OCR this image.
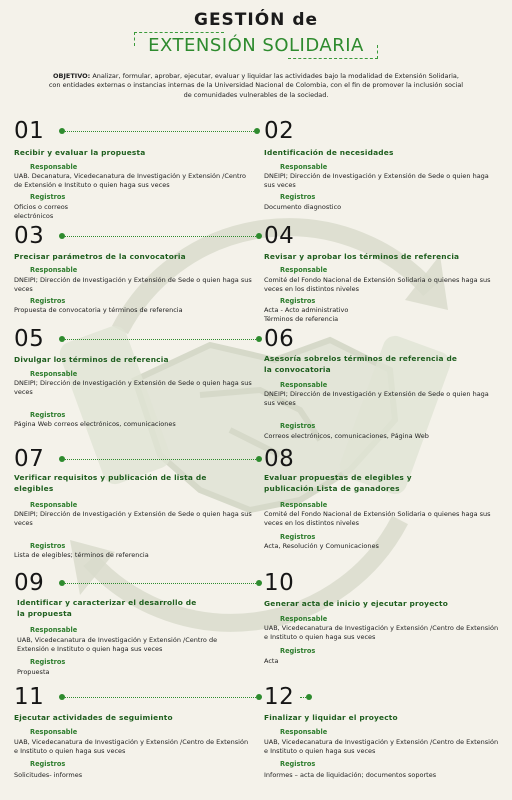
GESTIÓN de
EXTENSIÓN SOLIDARIA
OBJETIVO: Analizar, formular, aprobar, ejecutar, evaluar y liquidar las actividades bajo la modalidad de Extensión Solidaria, con entidades externas o instancias internas de la Universidad Nacional de Colombia, con el fin de promover la inclusión social de comunidades vulnerables de la sociedad.
01
Recibir y evaluar la propuesta
Responsable
UAB. Decanatura, Vicedecanatura de Investigación y Extensión /Centro de Extensión e Instituto o quien haga sus veces
Registros
Oficios o correos electrónicos
02
Identificación de necesidades
Responsable
DNEIPI; Dirección de Investigación y Extensión de Sede o quien haga sus veces
Registros
Documento diagnostico
03
Precisar parámetros de la convocatoria
Responsable
DNEIPI; Dirección de Investigación y Extensión de Sede o quien haga sus veces
Registros
Propuesta de convocatoria y términos de referencia
04
Revisar y aprobar los términos de referencia
Responsable
Comité del Fondo Nacional de Extensión Solidaria o quienes haga sus veces en los distintos niveles
Registros
Acta - Acto administrativo Términos de referencia
05
Divulgar los términos de referencia
Responsable
DNEIPI; Dirección de Investigación y Extensión de Sede o quien haga sus veces
Registros
Página Web correos electrónicos, comunicaciones
06
Asesoría sobrelos términos de referencia de la convocatoria
Responsable
DNEIPI; Dirección de Investigación y Extensión de Sede o quien haga sus veces
Registros
Correos electrónicos, comunicaciones, Página Web
07
Verificar requisitos y publicación de lista de elegibles
Responsable
DNEIPI; Dirección de Investigación y Extensión de Sede o quien haga sus veces
Registros
Lista de elegibles; términos de referencia
08
Evaluar propuestas de elegibles y publicación Lista de ganadores
Responsable
Comité del Fondo Nacional de Extensión Solidaria o quienes haga sus veces en los distintos niveles
Registros
Acta, Resolución y Comunicaciones
09
Identificar y caracterizar el desarrollo de la propuesta
Responsable
UAB, Vicedecanatura de Investigación y Extensión /Centro de Extensión e Instituto o quien haga sus veces
Registros
Propuesta
10
Generar acta de inicio y ejecutar proyecto
Responsable
UAB, Vicedecanatura de Investigación y Extensión /Centro de Extensión e Instituto o quien haga sus veces
Registros
Acta
11
Ejecutar actividades de seguimiento
Responsable
UAB, Vicedecanatura de Investigación y Extensión /Centro de Extensión e Instituto o quien haga sus veces
Registros
Solicitudes- informes
12
Finalizar y liquidar el proyecto
Responsable
UAB, Vicedecanatura de Investigación y Extensión /Centro de Extensión e Instituto o quien haga sus veces
Registros
Informes – acta de liquidación; documentos soportes
